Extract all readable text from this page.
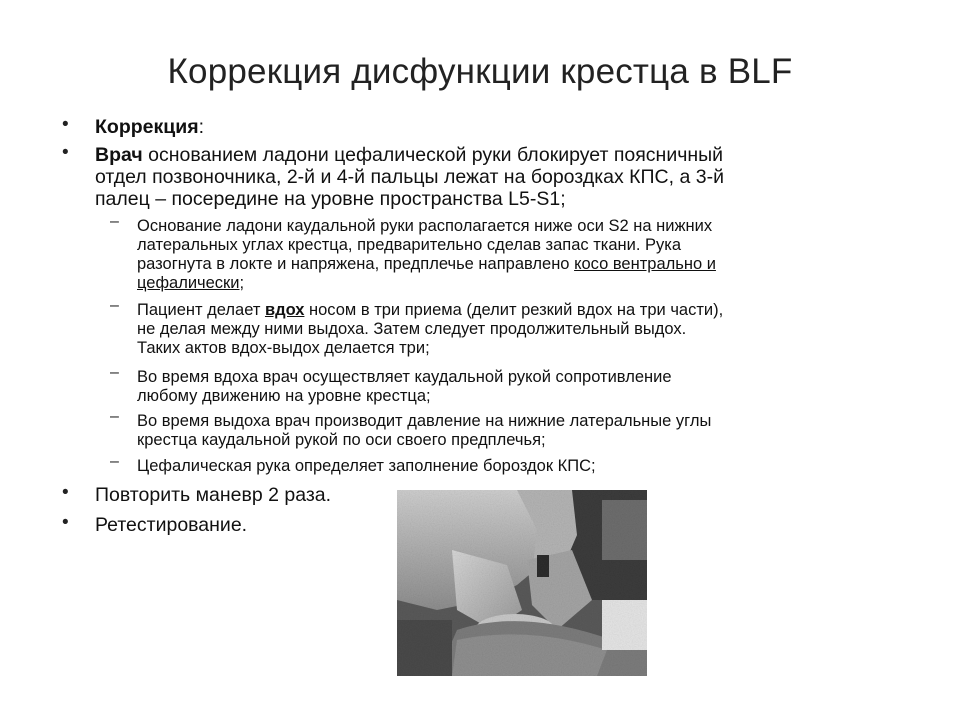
Коррекция дисфункции крестца в BLF
• Коррекция:
• Врач основанием ладони цефалической руки блокирует поясничный
отдел позвоночника, 2-й и 4-й пальцы лежат на бороздках КПС, а 3-й
палец – посередине на уровне пространства L5-S1;
– Основание ладони каудальной руки располагается ниже оси S2 на нижних
латеральных углах крестца, предварительно сделав запас ткани. Рука
разогнута в локте и напряжена, предплечье направлено косо вентрально и
цефалически;
– Пациент делает вдох носом в три приема (делит резкий вдох на три части),
не делая между ними выдоха. Затем следует продолжительный выдох.
Таких актов вдох-выдох делается три;
– Во время вдоха врач осуществляет каудальной рукой сопротивление
любому движению на уровне крестца;
– Во время выдоха врач производит давление на нижние латеральные углы
крестца каудальной рукой по оси своего предплечья;
– Цефалическая рука определяет заполнение бороздок КПС;
• Повторить маневр 2 раза.
• Ретестирование.
